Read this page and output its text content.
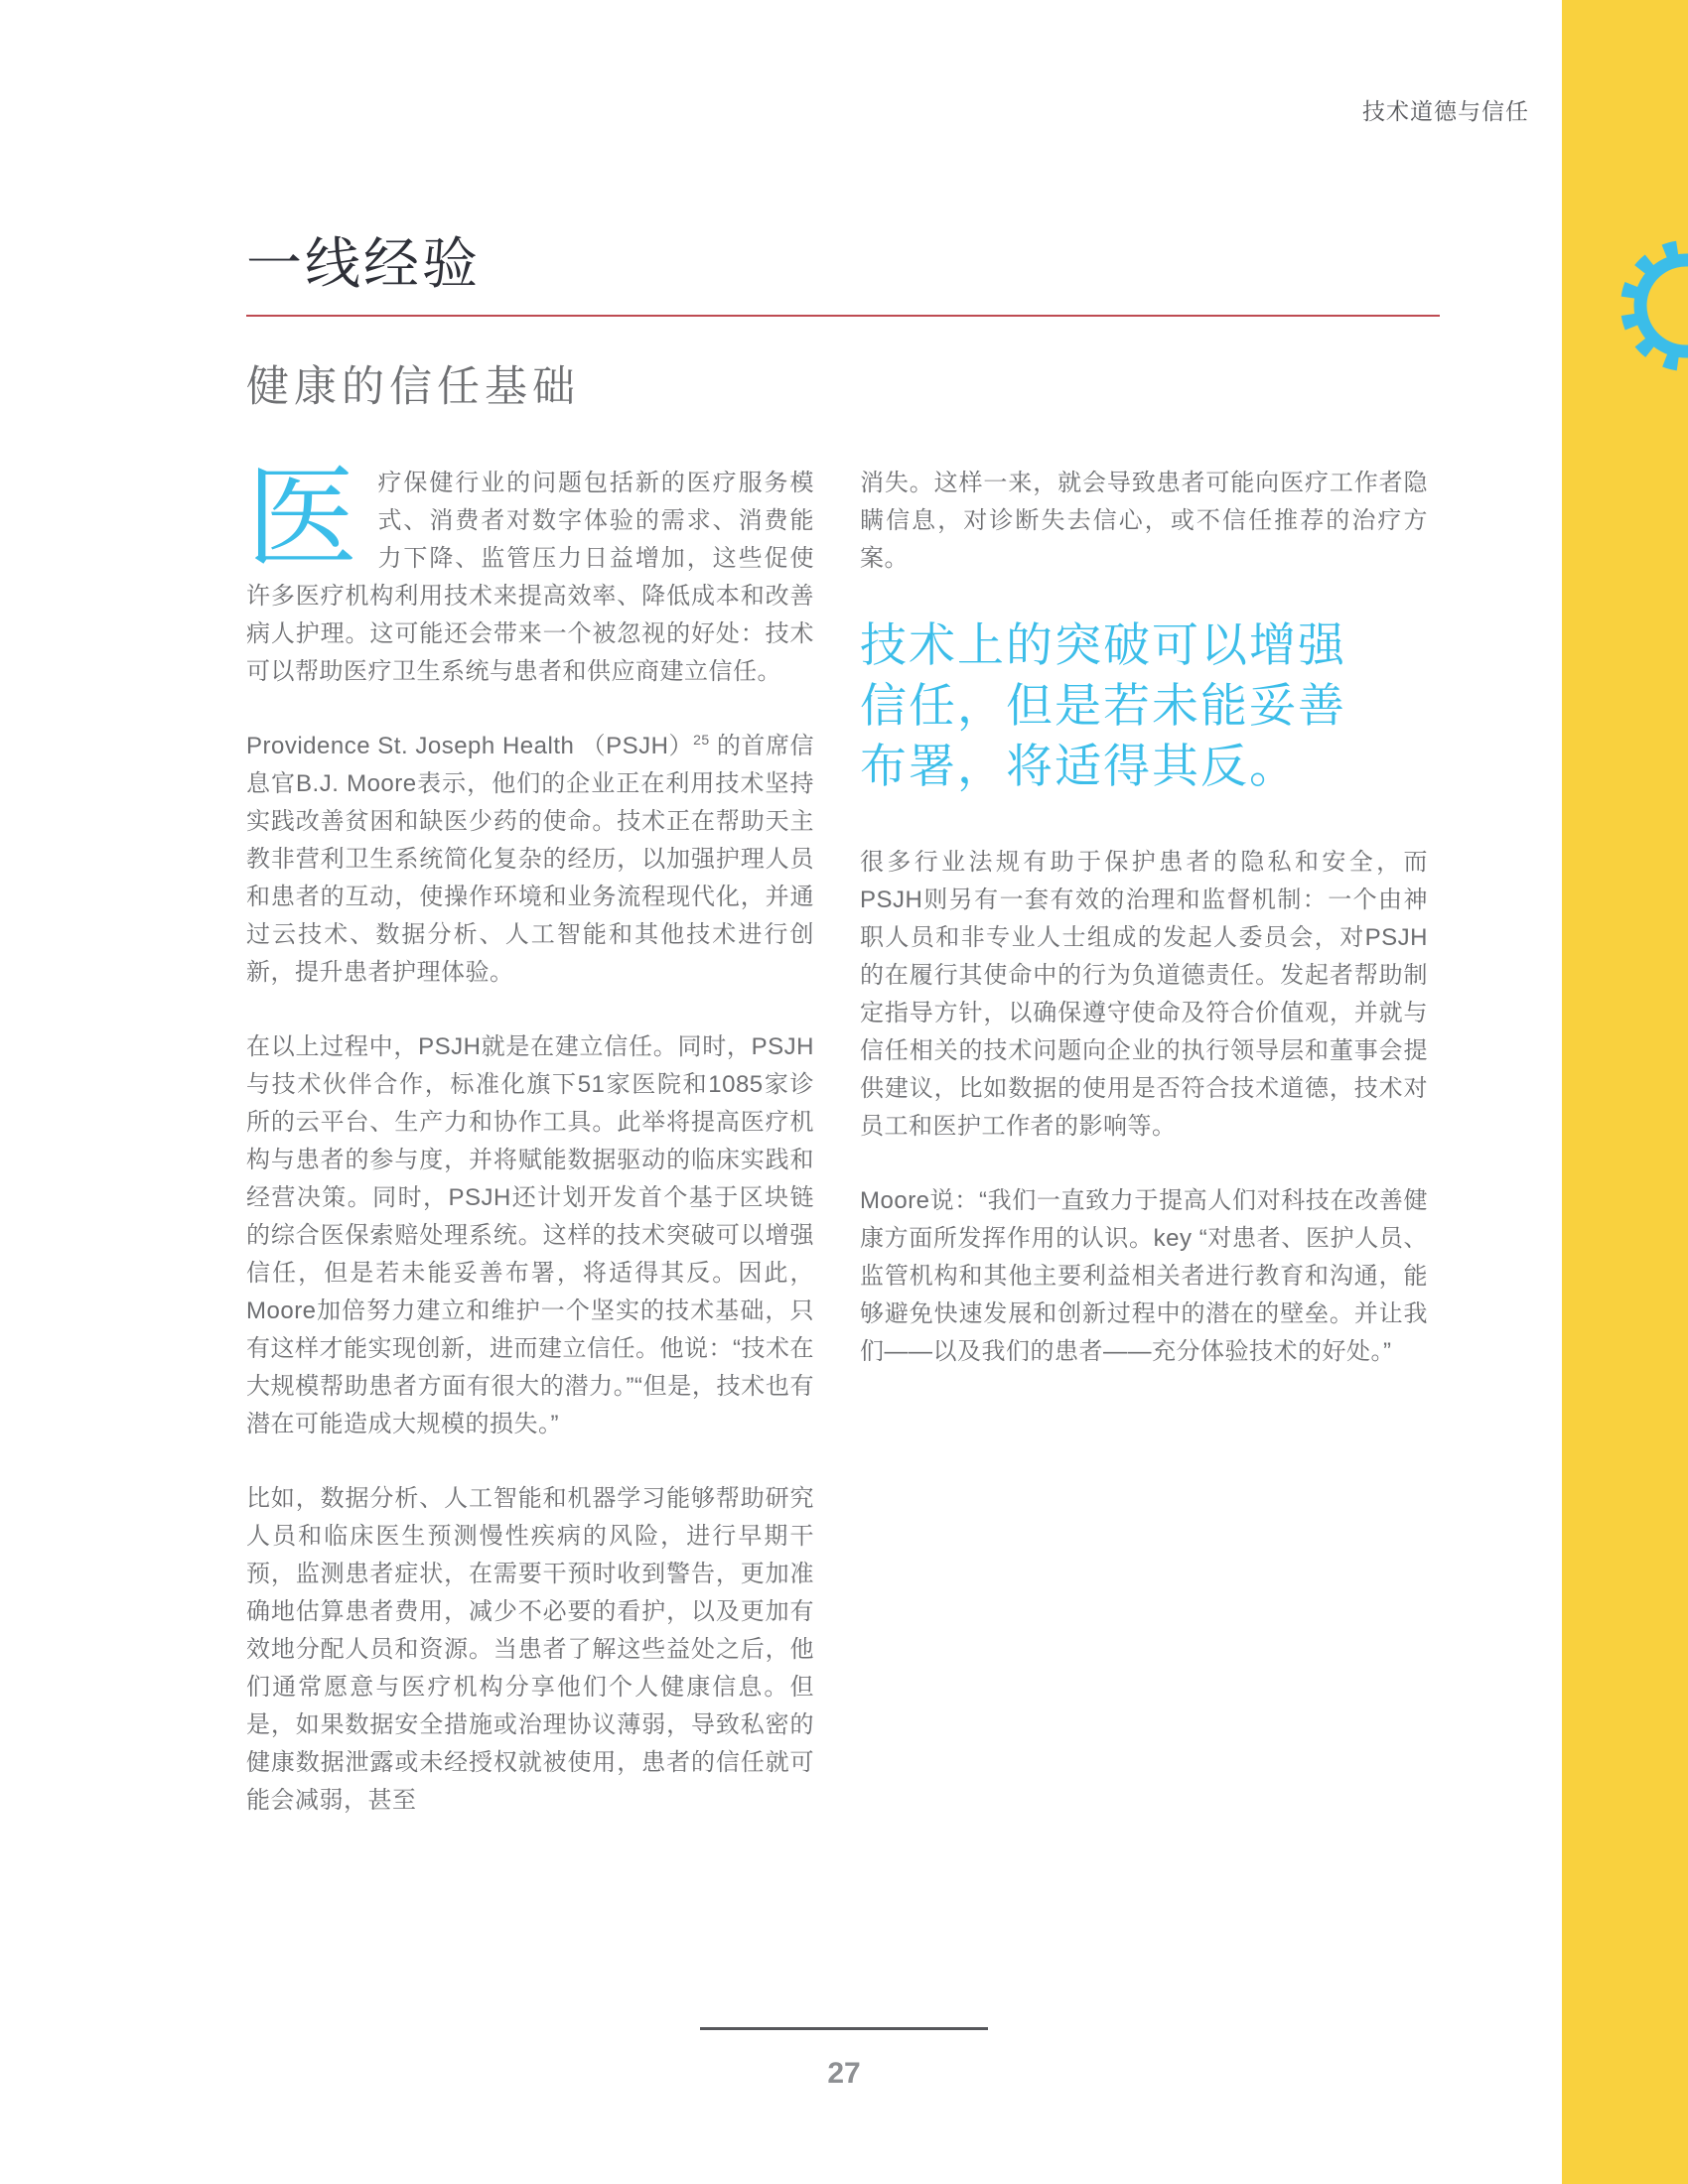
技术道德与信任
一线经验
健康的信任基础

医疗保健行业的问题包括新的医疗服务模式、消费者对数字体验的需求、消费能力下降、监管压力日益增加，这些促使许多医疗机构利用技术来提高效率、降低成本和改善病人护理。这可能还会带来一个被忽视的好处：技术可以帮助医疗卫生系统与患者和供应商建立信任。

Providence St. Joseph Health （PSJH）$^{25}$ 的首席信息官B.J. Moore表示，他们的企业正在利用技术坚持实践改善贫困和缺医少药的使命。技术正在帮助天主教非营利卫生系统简化复杂的经历，以加强护理人员和患者的互动，使操作环境和业务流程现代化，并通过云技术、数据分析、人工智能和其他技术进行创新，提升患者护理体验。

在以上过程中，PSJH就是在建立信任。同时，PSJH与技术伙伴合作，标准化旗下51家医院和1085家诊所的云平台、生产力和协作工具。此举将提高医疗机构与患者的参与度，并将赋能数据驱动的临床实践和经营决策。同时，PSJH还计划开发首个基于区块链的综合医保索赔处理系统。这样的技术突破可以增强信任，但是若未能妥善布署，将适得其反。因此，Moore加倍努力建立和维护一个坚实的技术基础，只有这样才能实现创新，进而建立信任。他说：“技术在大规模帮助患者方面有很大的潜力。”“但是，技术也有潜在可能造成大规模的损失。”

比如，数据分析、人工智能和机器学习能够帮助研究人员和临床医生预测慢性疾病的风险，进行早期干预，监测患者症状，在需要干预时收到警告，更加准确地估算患者费用，减少不必要的看护，以及更加有效地分配人员和资源。当患者了解这些益处之后，他们通常愿意与医疗机构分享他们个人健康信息。但是，如果数据安全措施或治理协议薄弱，导致私密的健康数据泄露或未经授权就被使用，患者的信任就可能会减弱，甚至

消失。这样一来，就会导致患者可能向医疗工作者隐瞒信息，对诊断失去信心，或不信任推荐的治疗方案。

技术上的突破可以增强
信任，但是若未能妥善
布署，将适得其反。

很多行业法规有助于保护患者的隐私和安全，而PSJH则另有一套有效的治理和监督机制：一个由神职人员和非专业人士组成的发起人委员会，对PSJH的在履行其使命中的行为负道德责任。发起者帮助制定指导方针，以确保遵守使命及符合价值观，并就与信任相关的技术问题向企业的执行领导层和董事会提供建议，比如数据的使用是否符合技术道德，技术对员工和医护工作者的影响等。

Moore说：“我们一直致力于提高人们对科技在改善健康方面所发挥作用的认识。key “对患者、医护人员、监管机构和其他主要利益相关者进行教育和沟通，能够避免快速发展和创新过程中的潜在的壁垒。并让我们——以及我们的患者——充分体验技术的好处。”

27
